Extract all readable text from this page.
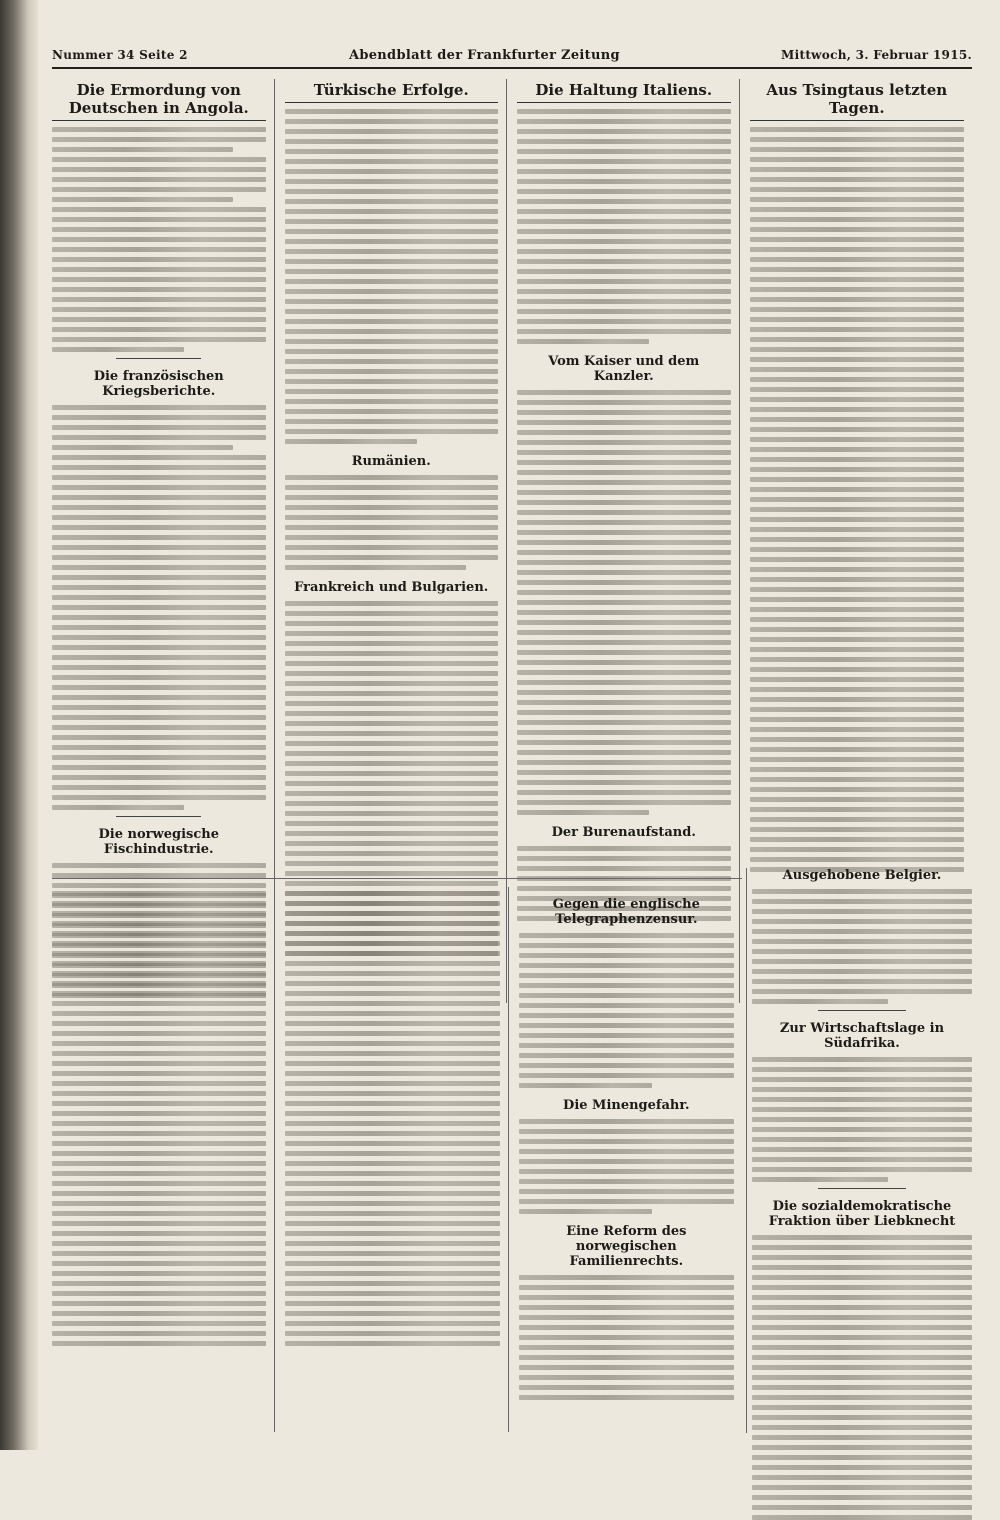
Nummer 34 Seite 2	Abendblatt der Frankfurter Zeitung	Mittwoch, 3. Februar 1915.
Die Ermordung von Deutschen in Angola.
Die französischen Kriegsberichte.
Die norwegische Fischindustrie.
Türkische Erfolge.
Rumänien.
Frankreich und Bulgarien.
Die Haltung Italiens.
Vom Kaiser und dem Kanzler.
Der Burenaufstand.
Aus Tsingtaus letzten Tagen.
Gegen die englische Telegraphenzensur.
Die Minengefahr.
Eine Reform des norwegischen Familienrechts.
Ausgehobene Belgier.
Zur Wirtschaftslage in Südafrika.
Die sozialdemokratische Fraktion über Liebknecht
